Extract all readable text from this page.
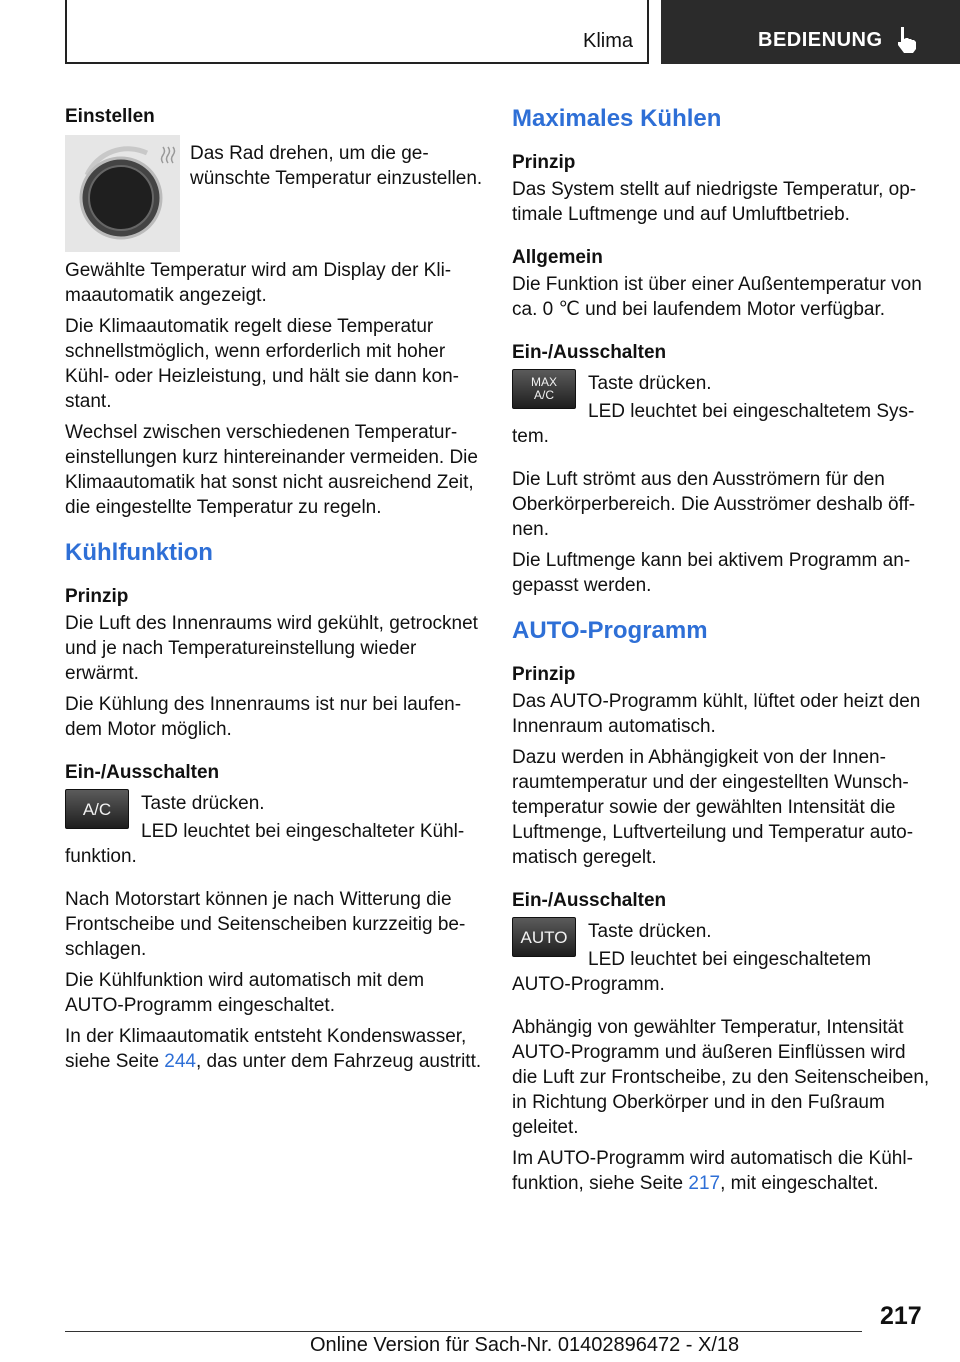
Klima	BEDIENUNG
Einstellen

Das Rad drehen, um die gewünschte Temperatur einzustellen.

Gewählte Temperatur wird am Display der Klimaautomatik angezeigt.

Die Klimaautomatik regelt diese Temperatur schnellstmöglich, wenn erforderlich mit hoher Kühl- oder Heizleistung, und hält sie dann konstant.

Wechsel zwischen verschiedenen Temperatureinstellungen kurz hintereinander vermeiden. Die Klimaautomatik hat sonst nicht ausreichend Zeit, die eingestellte Temperatur zu regeln.

Kühlfunktion
Prinzip

Die Luft des Innenraums wird gekühlt, getrocknet und je nach Temperatureinstellung wieder erwärmt.

Die Kühlung des Innenraums ist nur bei laufendem Motor möglich.

Ein-/Ausschalten
A/C	Taste drücken.

LED leuchtet bei eingeschalteter Kühlfunktion.

Nach Motorstart können je nach Witterung die Frontscheibe und Seitenscheiben kurzzeitig beschlagen.

Die Kühlfunktion wird automatisch mit dem AUTO-Programm eingeschaltet.

In der Klimaautomatik entsteht Kondenswasser, siehe Seite 244, das unter dem Fahrzeug austritt.

Maximales Kühlen
Prinzip

Das System stellt auf niedrigste Temperatur, optimale Luftmenge und auf Umluftbetrieb.

Allgemein

Die Funktion ist über einer Außentemperatur von ca. 0 ℃ und bei laufendem Motor verfügbar.

Ein-/Ausschalten
MAX
A/C

Taste drücken.

LED leuchtet bei eingeschaltetem System.

Die Luft strömt aus den Ausströmern für den Oberkörperbereich. Die Ausströmer deshalb öffnen.

Die Luftmenge kann bei aktivem Programm angepasst werden.

AUTO-Programm
Prinzip

Das AUTO-Programm kühlt, lüftet oder heizt den Innenraum automatisch.

Dazu werden in Abhängigkeit von der Innenraumtemperatur und der eingestellten Wunschtemperatur sowie der gewählten Intensität die Luftmenge, Luftverteilung und Temperatur automatisch geregelt.

Ein-/Ausschalten
AUTO	Taste drücken.

LED leuchtet bei eingeschaltetem AUTO-Programm.

Abhängig von gewählter Temperatur, Intensität AUTO-Programm und äußeren Einflüssen wird die Luft zur Frontscheibe, zu den Seitenscheiben, in Richtung Oberkörper und in den Fußraum geleitet.

Im AUTO-Programm wird automatisch die Kühlfunktion, siehe Seite 217, mit eingeschaltet.

217
Online Version für Sach-Nr. 01402896472 - X/18
